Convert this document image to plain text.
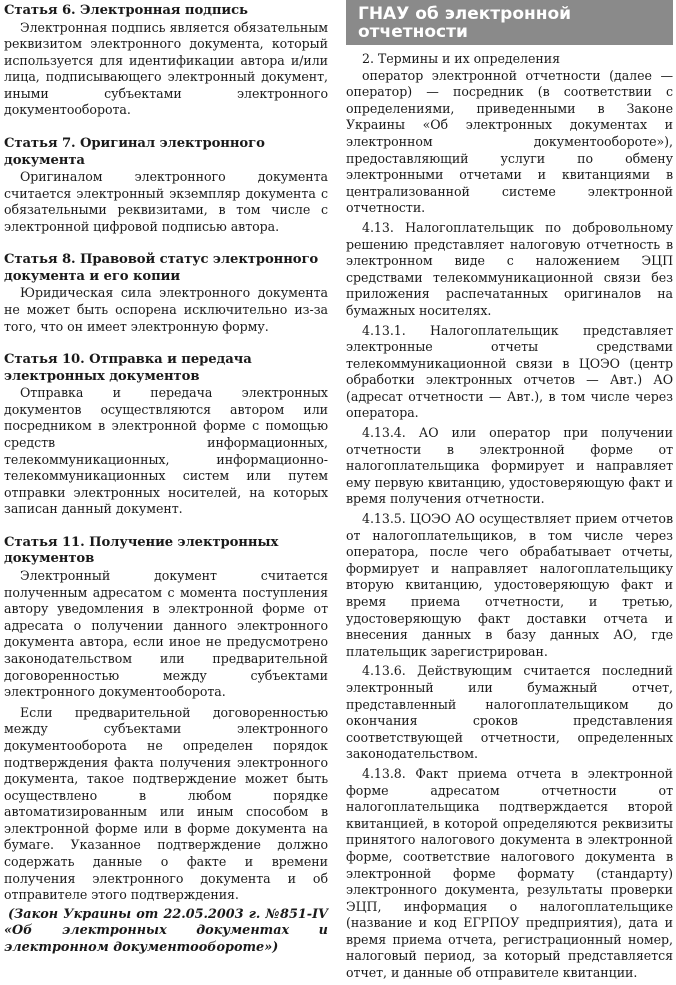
Статья 6. Электронная подпись

Электронная подпись является обязательным реквизитом электронного документа, который используется для идентификации автора и/или лица, подписывающего электронный документ, иными субъектами электронного документооборота.

Статья 7. Оригинал электронного документа

Оригиналом электронного документа считается электронный экземпляр документа с обязательными реквизитами, в том числе с электронной цифровой подписью автора.

Статья 8. Правовой статус электронного документа и его копии

Юридическая сила электронного документа не может быть оспорена исключительно из-за того, что он имеет электронную форму.

Статья 10. Отправка и передача электронных документов

Отправка и передача электронных документов осуществляются автором или посредником в электронной форме с помощью средств информационных, телекоммуникационных, информационно-телекоммуникационных систем или путем отправки электронных носителей, на которых записан данный документ.

Статья 11. Получение электронных документов

Электронный документ считается полученным адресатом с момента поступления автору уведомления в электронной форме от адресата о получении данного электронного документа автора, если иное не предусмотрено законодательством или предварительной договоренностью между субъектами электронного документооборота.

Если предварительной договоренностью между субъектами электронного документооборота не определен порядок подтверждения факта получения электронного документа, такое подтверждение может быть осуществлено в любом порядке автоматизированным или иным способом в электронной форме или в форме документа на бумаге. Указанное подтверждение должно содержать данные о факте и времени получения электронного документа и об отправителе этого подтверждения.

(Закон Украины от 22.05.2003 г. №851-IV «Об электронных документах и электронном документообороте»)
ГНАУ об электронной
отчетности

2. Термины и их определения

оператор электронной отчетности (далее — оператор) — посредник (в соответствии с определениями, приведенными в Законе Украины «Об электронных документах и электронном документообороте»), предоставляющий услуги по обмену электронными отчетами и квитанциями в централизованной системе электронной отчетности.

4.13. Налогоплательщик по добровольному решению представляет налоговую отчетность в электронном виде с наложением ЭЦП средствами телекоммуникационной связи без приложения распечатанных оригиналов на бумажных носителях.

4.13.1. Налогоплательщик представляет электронные отчеты средствами телекоммуникационной связи в ЦОЭО (центр обработки электронных отчетов — Авт.) АО (адресат отчетности — Авт.), в том числе через оператора.

4.13.4. АО или оператор при получении отчетности в электронной форме от налогоплательщика формирует и направляет ему первую квитанцию, удостоверяющую факт и время получения отчетности.

4.13.5. ЦОЭО АО осуществляет прием отчетов от налогоплательщиков, в том числе через оператора, после чего обрабатывает отчеты, формирует и направляет налогоплательщику вторую квитанцию, удостоверяющую факт и время приема отчетности, и третью, удостоверяющую факт доставки отчета и внесения данных в базу данных АО, где плательщик зарегистрирован.

4.13.6. Действующим считается последний электронный или бумажный отчет, представленный налогоплательщиком до окончания сроков представления соответствующей отчетности, определенных законодательством.

4.13.8. Факт приема отчета в электронной форме адресатом отчетности от налогоплательщика подтверждается второй квитанцией, в которой определяются реквизиты принятого налогового документа в электронной форме, соответствие налогового документа в электронной форме формату (стандарту) электронного документа, результаты проверки ЭЦП, информация о налогоплательщике (название и код ЕГРПОУ предприятия), дата и время приема отчета, регистрационный номер, налоговый период, за который представляется отчет, и данные об отправителе квитанции.
